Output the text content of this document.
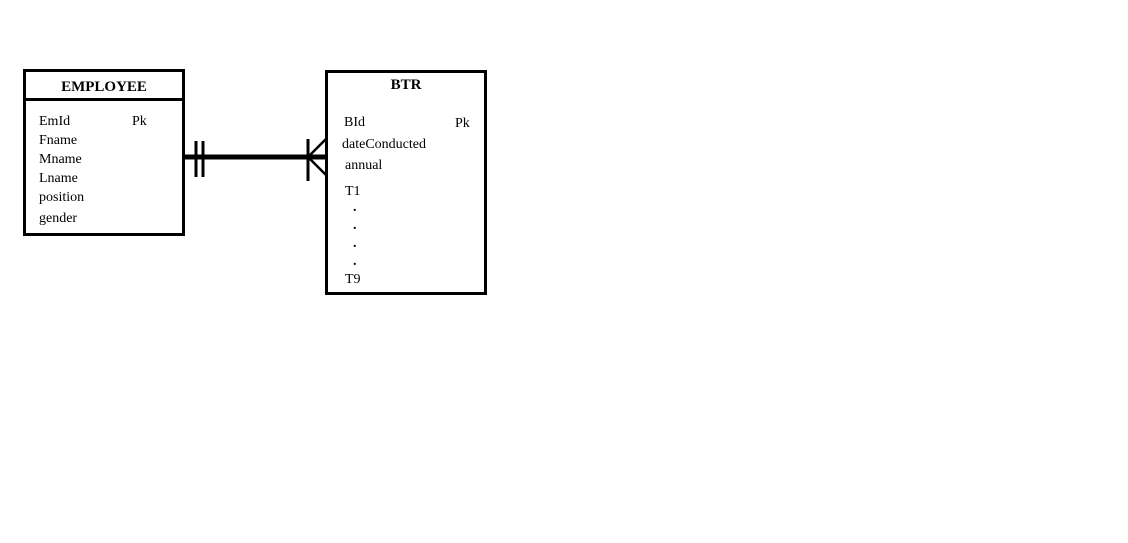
EMPLOYEE
EmId	Pk
Fname
Mname
Lname
position
gender
BTR
BId	Pk
dateConducted
annual
T1
.
.
.
.
T9
